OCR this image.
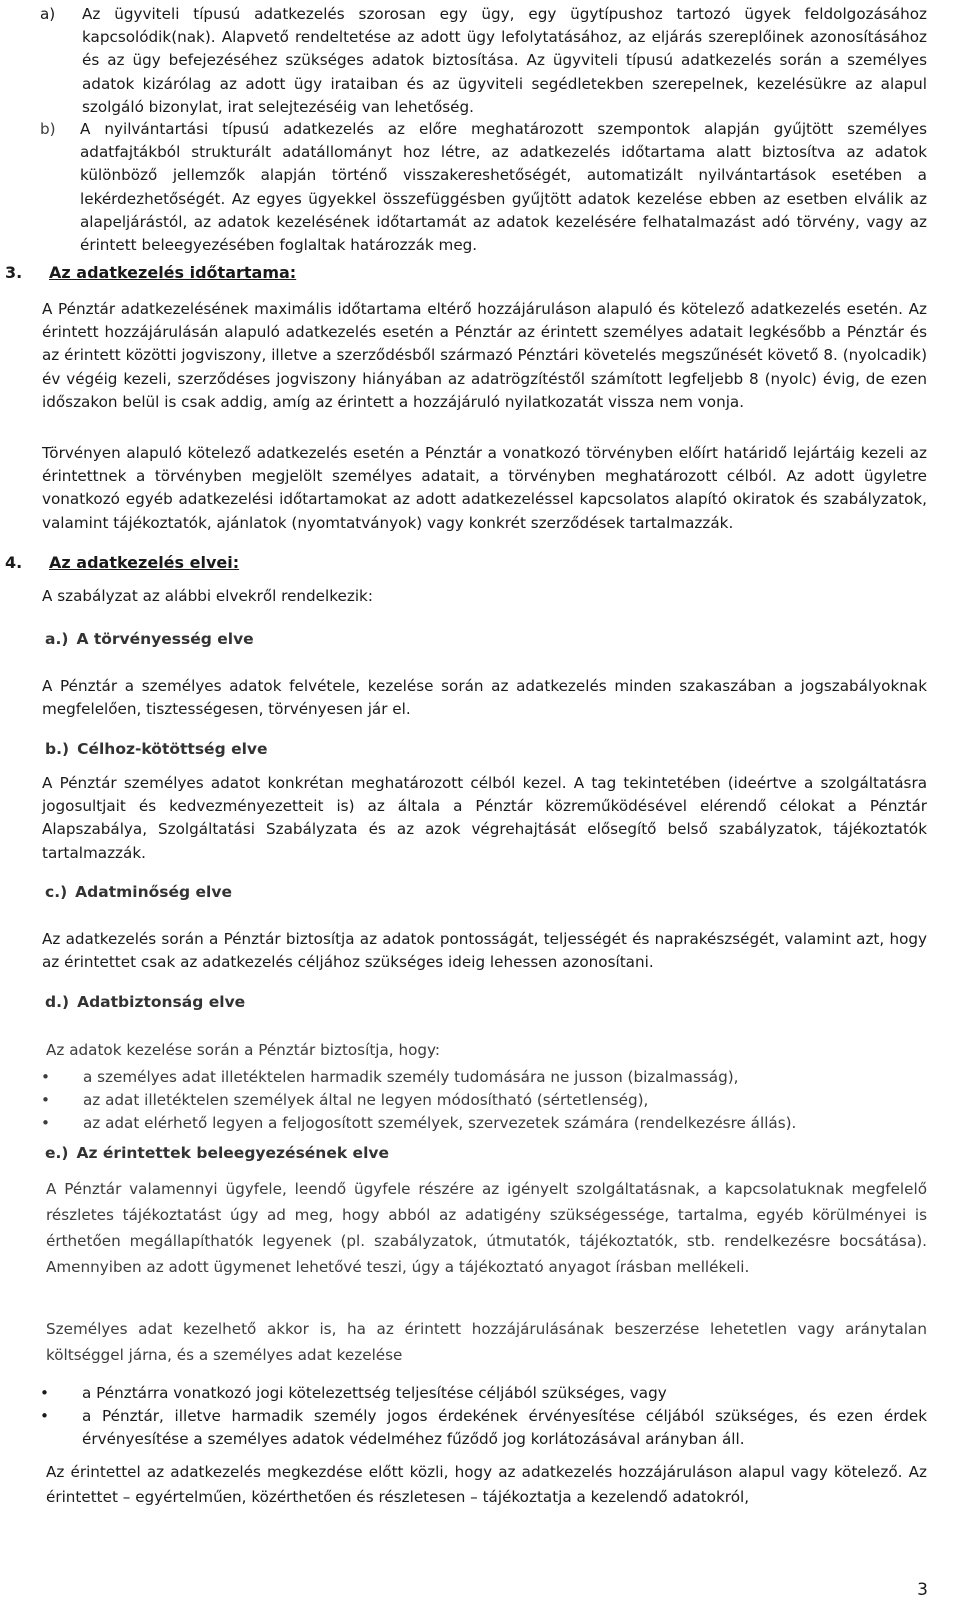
a) Az ügyviteli típusú adatkezelés szorosan egy ügy, egy ügytípushoz tartozó ügyek feldolgozásához kapcsolódik(nak). Alapvető rendeltetése az adott ügy lefolytatásához, az eljárás szereplőinek azonosításához és az ügy befejezéséhez szükséges adatok biztosítása. Az ügyviteli típusú adatkezelés során a személyes adatok kizárólag az adott ügy irataiban és az ügyviteli segédletekben szerepelnek, kezelésükre az alapul szolgáló bizonylat, irat selejtezéséig van lehetőség.

b) A nyilvántartási típusú adatkezelés az előre meghatározott szempontok alapján gyűjtött személyes adatfajtákból strukturált adatállományt hoz létre, az adatkezelés időtartama alatt biztosítva az adatok különböző jellemzők alapján történő visszakereshetőségét, automatizált nyilvántartások esetében a lekérdezhetőségét. Az egyes ügyekkel összefüggésben gyűjtött adatok kezelése ebben az esetben elválik az alapeljárástól, az adatok kezelésének időtartamát az adatok kezelésére felhatalmazást adó törvény, vagy az érintett beleegyezésében foglaltak határozzák meg.

3. Az adatkezelés időtartama:

A Pénztár adatkezelésének maximális időtartama eltérő hozzájáruláson alapuló és kötelező adatkezelés esetén. Az érintett hozzájárulásán alapuló adatkezelés esetén a Pénztár az érintett személyes adatait legkésőbb a Pénztár és az érintett közötti jogviszony, illetve a szerződésből származó Pénztári követelés megszűnését követő 8. (nyolcadik) év végéig kezeli, szerződéses jogviszony hiányában az adatrögzítéstől számított legfeljebb 8 (nyolc) évig, de ezen időszakon belül is csak addig, amíg az érintett a hozzájáruló nyilatkozatát vissza nem vonja.

Törvényen alapuló kötelező adatkezelés esetén a Pénztár a vonatkozó törvényben előírt határidő lejártáig kezeli az érintettnek a törvényben megjelölt személyes adatait, a törvényben meghatározott célból. Az adott ügyletre vonatkozó egyéb adatkezelési időtartamokat az adott adatkezeléssel kapcsolatos alapító okiratok és szabályzatok, valamint tájékoztatók, ajánlatok (nyomtatványok) vagy konkrét szerződések tartalmazzák.

4. Az adatkezelés elvei:

A szabályzat az alábbi elvekről rendelkezik:

a.) A törvényesség elve

A Pénztár a személyes adatok felvétele, kezelése során az adatkezelés minden szakaszában a jogszabályoknak megfelelően, tisztességesen, törvényesen jár el.

b.) Célhoz-kötöttség elve

A Pénztár személyes adatot konkrétan meghatározott célból kezel. A tag tekintetében (ideértve a szolgáltatásra jogosultjait és kedvezményezetteit is) az általa a Pénztár közreműködésével elérendő célokat a Pénztár Alapszabálya, Szolgáltatási Szabályzata és az azok végrehajtását elősegítő belső szabályzatok, tájékoztatók tartalmazzák.

c.) Adatminőség elve

Az adatkezelés során a Pénztár biztosítja az adatok pontosságát, teljességét és naprakészségét, valamint azt, hogy az érintettet csak az adatkezelés céljához szükséges ideig lehessen azonosítani.

d.) Adatbiztonság elve

Az adatok kezelése során a Pénztár biztosítja, hogy:

• a személyes adat illetéktelen harmadik személy tudomására ne jusson (bizalmasság),
• az adat illetéktelen személyek által ne legyen módosítható (sértetlenség),
• az adat elérhető legyen a feljogosított személyek, szervezetek számára (rendelkezésre állás).
e.) Az érintettek beleegyezésének elve

A Pénztár valamennyi ügyfele, leendő ügyfele részére az igényelt szolgáltatásnak, a kapcsolatuknak megfelelő részletes tájékoztatást úgy ad meg, hogy abból az adatigény szükségessége, tartalma, egyéb körülményei is érthetően megállapíthatók legyenek (pl. szabályzatok, útmutatók, tájékoztatók, stb. rendelkezésre bocsátása). Amennyiben az adott ügymenet lehetővé teszi, úgy a tájékoztató anyagot írásban mellékeli.

Személyes adat kezelhető akkor is, ha az érintett hozzájárulásának beszerzése lehetetlen vagy aránytalan költséggel járna, és a személyes adat kezelése

• a Pénztárra vonatkozó jogi kötelezettség teljesítése céljából szükséges, vagy
• a Pénztár, illetve harmadik személy jogos érdekének érvényesítése céljából szükséges, és ezen érdek érvényesítése a személyes adatok védelméhez fűződő jog korlátozásával arányban áll.

Az érintettel az adatkezelés megkezdése előtt közli, hogy az adatkezelés hozzájáruláson alapul vagy kötelező. Az érintettet – egyértelműen, közérthetően és részletesen – tájékoztatja a kezelendő adatokról,

3
